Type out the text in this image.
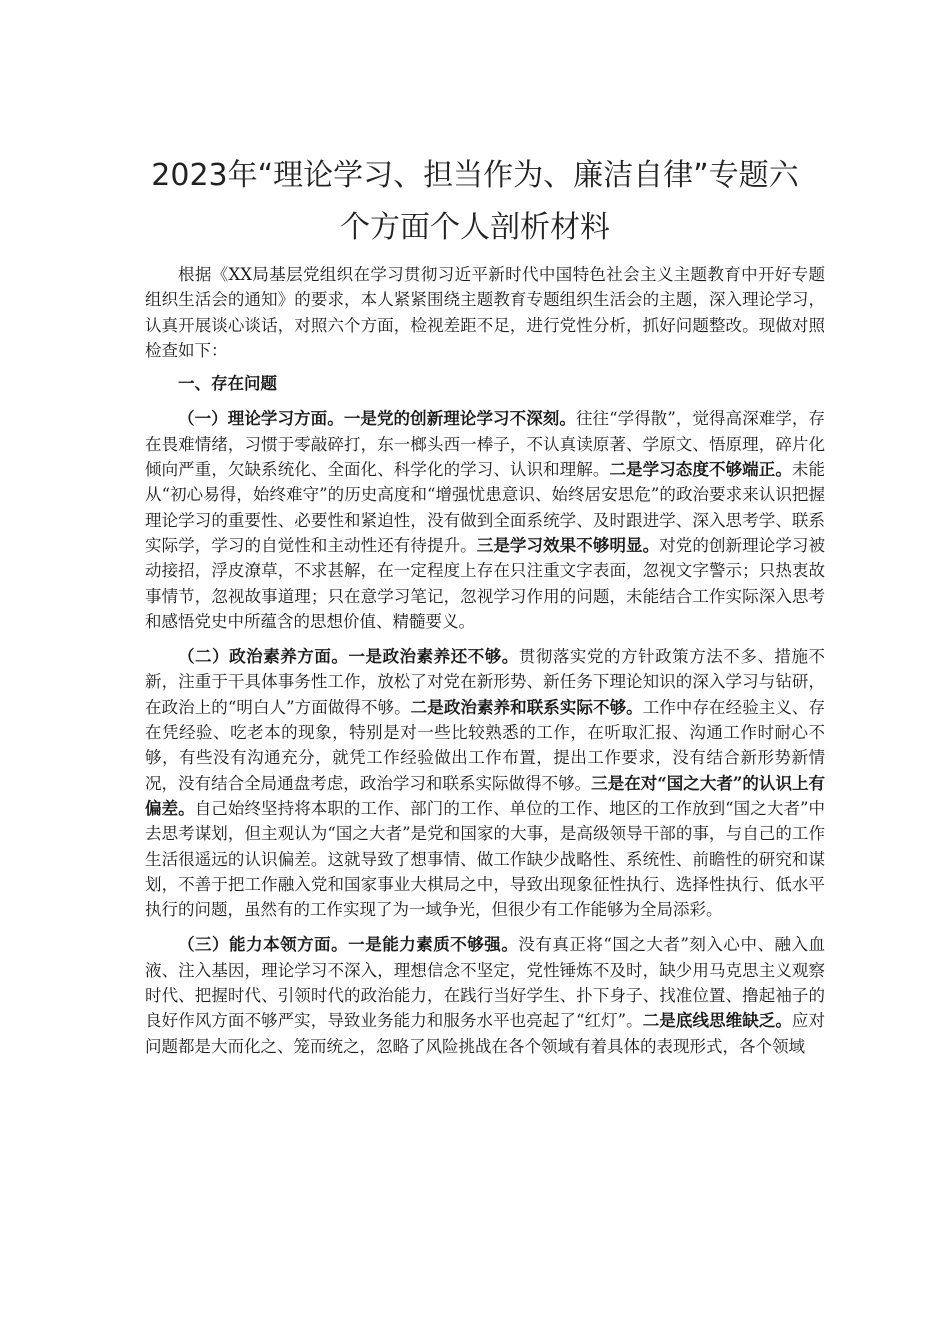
2023年“理论学习、担当作为、廉洁自律”专题六
个方面个人剖析材料

根据《XX局基层党组织在学习贯彻习近平新时代中国特色社会主义主题教育中开好专题组织生活会的通知》的要求，本人紧紧围绕主题教育专题组织生活会的主题，深入理论学习，认真开展谈心谈话，对照六个方面，检视差距不足，进行党性分析，抓好问题整改。现做对照检查如下：

一、存在问题

（一）理论学习方面。一是党的创新理论学习不深刻。往往“学得散”，觉得高深难学，存在畏难情绪，习惯于零敲碎打，东一榔头西一棒子，不认真读原著、学原文、悟原理，碎片化倾向严重，欠缺系统化、全面化、科学化的学习、认识和理解。二是学习态度不够端正。未能从“初心易得，始终难守”的历史高度和“增强忧患意识、始终居安思危”的政治要求来认识把握理论学习的重要性、必要性和紧迫性，没有做到全面系统学、及时跟进学、深入思考学、联系实际学，学习的自觉性和主动性还有待提升。三是学习效果不够明显。对党的创新理论学习被动接招，浮皮潦草，不求甚解，在一定程度上存在只注重文字表面，忽视文字警示；只热衷故事情节，忽视故事道理；只在意学习笔记，忽视学习作用的问题，未能结合工作实际深入思考和感悟党史中所蕴含的思想价值、精髓要义。

（二）政治素养方面。一是政治素养还不够。贯彻落实党的方针政策方法不多、措施不新，注重于干具体事务性工作，放松了对党在新形势、新任务下理论知识的深入学习与钻研，在政治上的“明白人”方面做得不够。二是政治素养和联系实际不够。工作中存在经验主义、存在凭经验、吃老本的现象，特别是对一些比较熟悉的工作，在听取汇报、沟通工作时耐心不够，有些没有沟通充分，就凭工作经验做出工作布置，提出工作要求，没有结合新形势新情况，没有结合全局通盘考虑，政治学习和联系实际做得不够。三是在对“国之大者”的认识上有偏差。自己始终坚持将本职的工作、部门的工作、单位的工作、地区的工作放到“国之大者”中去思考谋划，但主观认为“国之大者”是党和国家的大事，是高级领导干部的事，与自己的工作生活很遥远的认识偏差。这就导致了想事情、做工作缺少战略性、系统性、前瞻性的研究和谋划，不善于把工作融入党和国家事业大棋局之中，导致出现象征性执行、选择性执行、低水平执行的问题，虽然有的工作实现了为一域争光，但很少有工作能够为全局添彩。

（三）能力本领方面。一是能力素质不够强。没有真正将“国之大者”刻入心中、融入血液、注入基因，理论学习不深入，理想信念不坚定，党性锤炼不及时，缺少用马克思主义观察时代、把握时代、引领时代的政治能力，在践行当好学生、扑下身子、找准位置、撸起袖子的良好作风方面不够严实，导致业务能力和服务水平也亮起了“红灯”。二是底线思维缺乏。应对问题都是大而化之、笼而统之，忽略了风险挑战在各个领域有着具体的表现形式，各个领域
